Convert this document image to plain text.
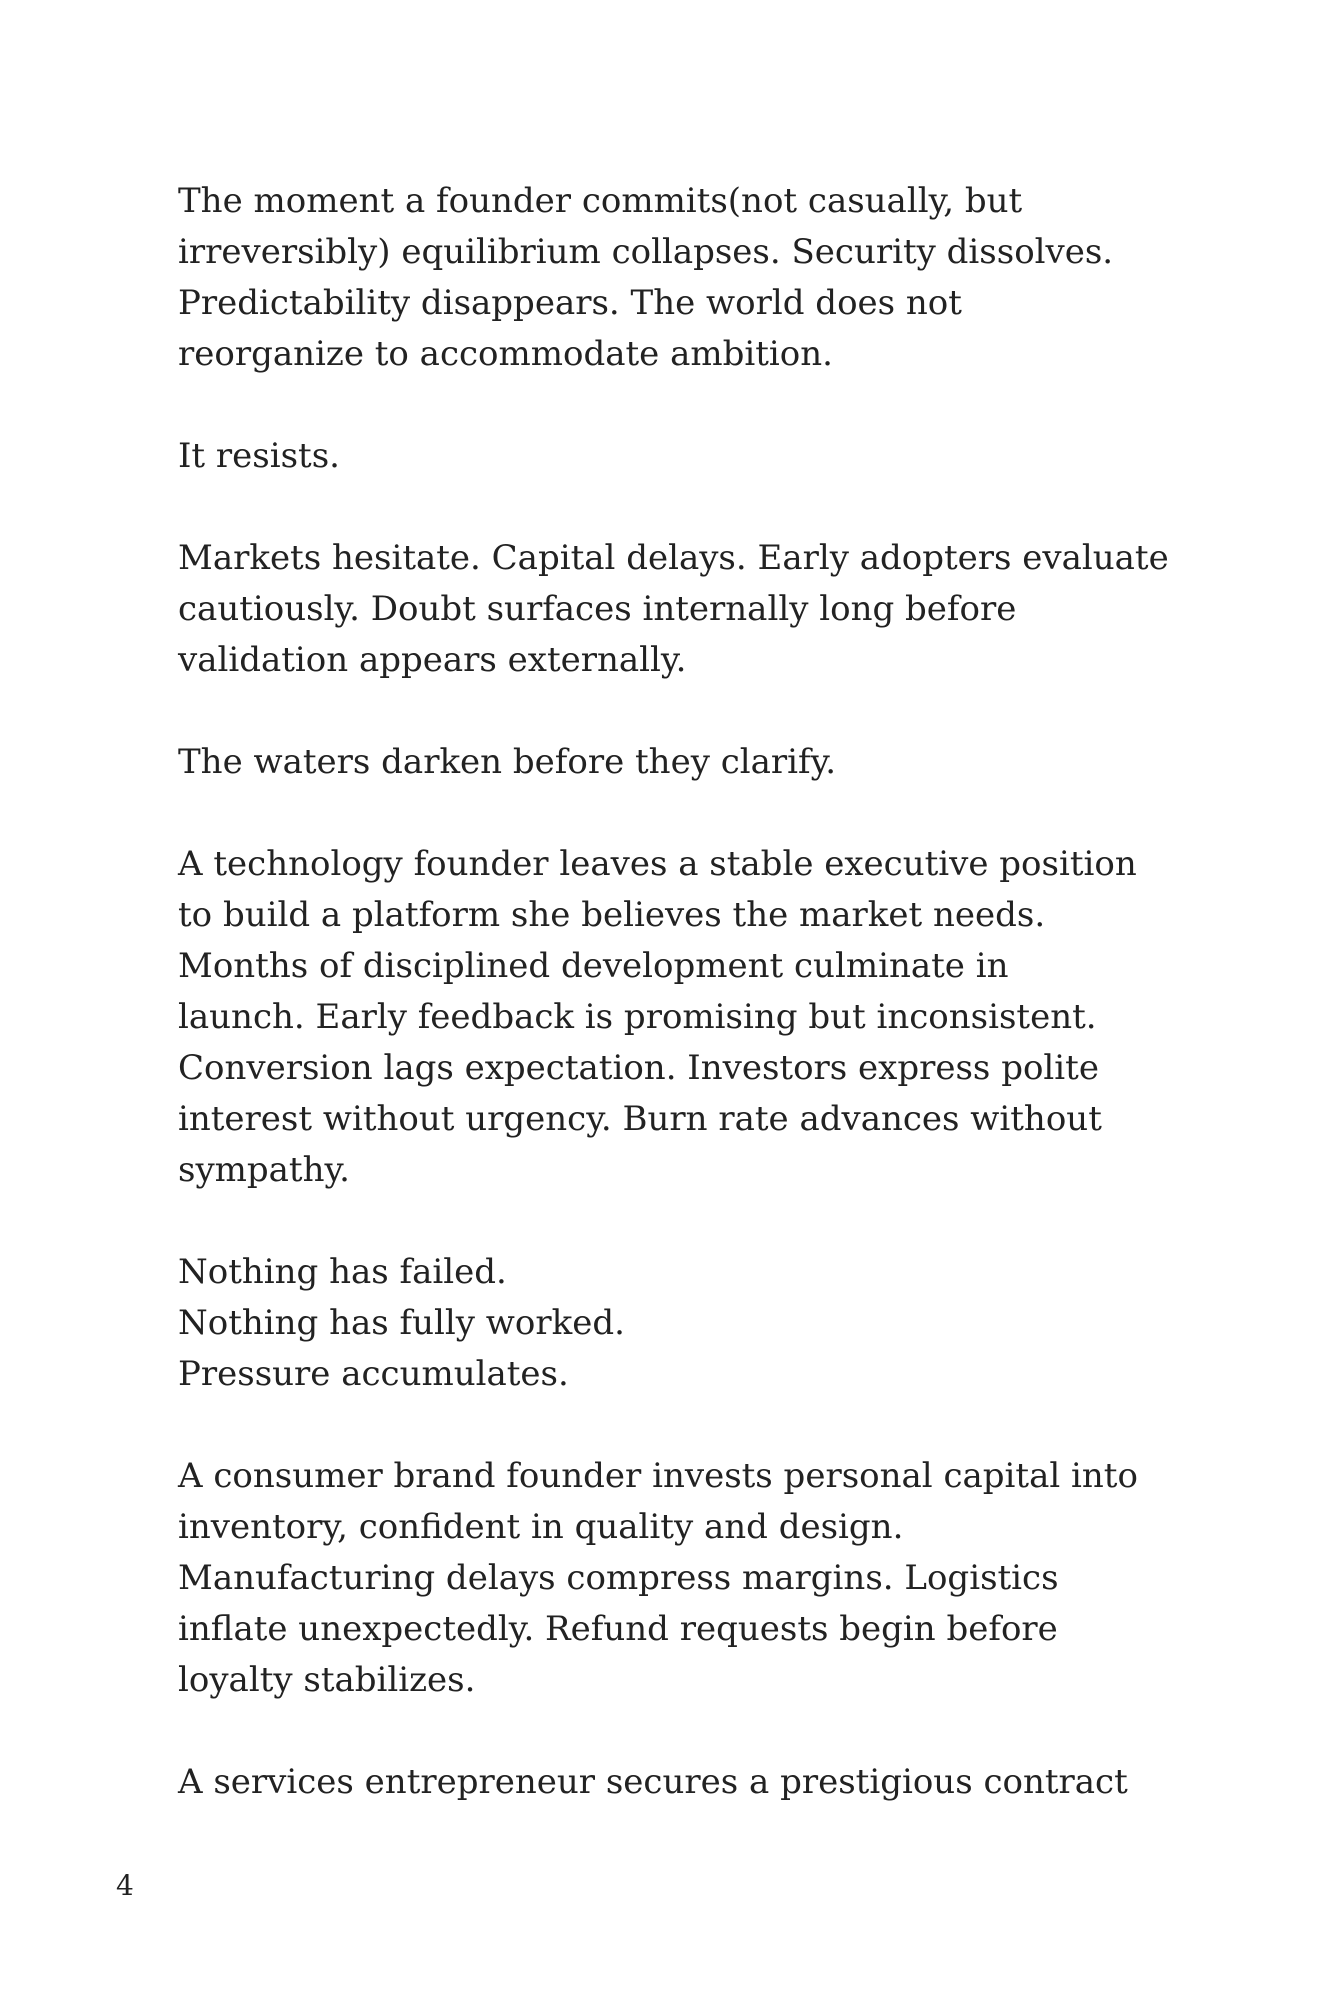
The moment a founder commits(not casually, but
irreversibly) equilibrium collapses. Security dissolves.
Predictability disappears. The world does not
reorganize to accommodate ambition.

It resists.

Markets hesitate. Capital delays. Early adopters evaluate
cautiously. Doubt surfaces internally long before
validation appears externally.

The waters darken before they clarify.

A technology founder leaves a stable executive position
to build a platform she believes the market needs.
Months of disciplined development culminate in
launch. Early feedback is promising but inconsistent.
Conversion lags expectation. Investors express polite
interest without urgency. Burn rate advances without
sympathy.

Nothing has failed.
Nothing has fully worked.
Pressure accumulates.

A consumer brand founder invests personal capital into
inventory, confident in quality and design.
Manufacturing delays compress margins. Logistics
inflate unexpectedly. Refund requests begin before
loyalty stabilizes.

A services entrepreneur secures a prestigious contract

4
